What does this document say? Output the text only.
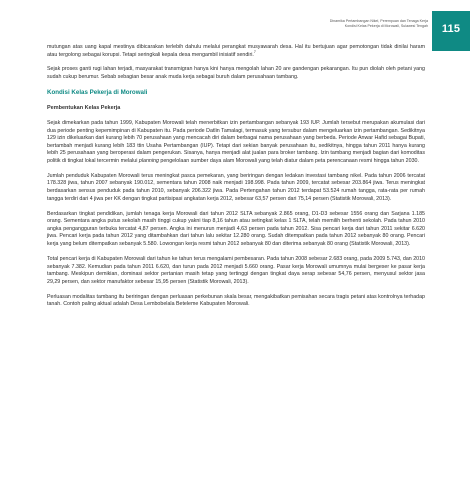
Dinamika Pertambangan Nikel, Perempuan dan Tenaga Kerja
Kondisi Kelas Pekerja di Morowali, Sulawesi Tengah 115

mutungan atas uang kapal mestinya dibicarakan terlebih dahulu melalui perangkat musyawarah desa. Hal itu bertujuan agar pemotongan tidak dinilai haram atau tergolong sebagai korupsi. Tetapi seringkali kepala desa mengambil inisiatif sendiri.$^7$

Sejak proses ganti rugi lahan terjadi, masyarakat transmigran hanya kini hanya mengolah lahan 20 are gandengan pekarangan. Itu pun diolah oleh petani yang sudah cukup berumur. Sebab sebagian besar anak muda kerja sebagai buruh dalam perusahaan tambang.

Kondisi Kelas Pekerja di Morowali
Pembentukan Kelas Pekerja

Sejak dimekarkan pada tahun 1999, Kabupaten Morowali telah menerbitkan izin pertambangan sebanyak 193 IUP. Jumlah tersebut merupakan akumulasi dari dua periode penting kepemimpinan di Kabupaten itu. Pada periode Datlin Tamalagi, termasuk yang tersubur dalam mengeluarkan izin pertambangan. Sedikitnya 129 izin dikeluarkan dari kurang lebih 70 perusahaan yang mencacah diri dalam berbagai nama perusahaan yang berbeda. Periode Anwar Hafid sebagai Bupati, bertambah menjadi kurang lebih 183 ttin Usaha Pertambangan (IUP). Tetapi dari sekian banyak perusahaan itu, sedikitnya, hingga tahun 2011 hanya kurang lebih 25 perusahaan yang beroperasi dalam pengerukan. Sisanya, hanya menjadi alat jualan para broker tambang. Izin tambang menjadi bagian dari komoditas politik di tingkat lokal tercermin melalui planning pengelolaan sumber daya alam Morowali yang telah diatur dalam peta perencanaan resmi hingga tahun 2030.

Jumlah penduduk Kabupaten Morowali terus meningkat pasca pemekaran, yang beriringan dengan ledakan investasi tambang nikel. Pada tahun 2006 tercatat 178.328 jiwa, tahun 2007 sebanyak 190.012, sementara tahun 2008 naik menjadi 198.998. Pada tahun 2009, tercatat sebesar 203.864 jiwa. Terus meningkat berdasarkan sensus penduduk pada tahun 2010, sebanyak 206.322 jiwa. Pada Pertengahan tahun 2012 terdapat 53.524 rumah tangga, rata-rata per rumah tangga terdiri dari 4 jiwa per KK dengan tingkat partisipasi angkatan kerja 2012, sebesar 63,57 persen dari 75,14 persen (Statistik Morowali, 2013).

Berdasarkan tingkat pendidikan, jumlah tenaga kerja Morowali dari tahun 2012 SLTA sebanyak 2.865 orang, D1-D3 sebesar 1556 orang dan Sarjana 1.185 orang. Sementara angka putus sekolah masih tinggi cukup yakni tiap 8,16 tahun atau setingkat kelas 1 SLTA, telah memilih berhenti sekolah. Pada tahun 2010 angka pengangguran terbuka tercatat 4,87 persen. Angka ini menurun menjadi 4,63 persen pada tahun 2012. Sisa pencari kerja dari tahun 2011 sekitar 6.620 jiwa. Pencari kerja pada tahun 2012 yang ditambahkan dari tahun lalu sekitar 12.280 orang. Sudah ditempatkan pada tahun 2012 sebanyak 80 orang. Pencari kerja yang belum ditempatkan sebanyak 5.580. Lowongan kerja resmi tahun 2012 sebanyak 80 dan diterima sebanyak 80 orang (Statistik Morowali, 2013).

Total pencari kerja di Kabupaten Morowali dari tahun ke tahun terus mengalami pembesaran. Pada tahun 2008 sebesar 2.683 orang, pada 2009 5.743, dan 2010 sebanyak 7.382. Kemudian pada tahun 2011 6.620, dan turun pada 2012 menjadi 5.660 orang. Pasar kerja Morowali umumnya mulai bergeser ke pasar kerja tambang. Meskipun demikian, dominasi sektor pertanian masih tetap yang tertinggi dengan tingkat daya serap sebesar 54,76 persen, menyusul sektor jasa 29,29 persen, dan sektor manufaktor sebesar 15,95 persen (Statistik Morowali, 2013).

Perluasan modalitas tambang itu beriringan dengan perluasan perkebunan skala besar, mengakibatkan pemisahan secara tragis petani atas kontrolnya terhadap tanah. Contoh paling aktual adalah Desa Lembobelala Betelemе Kabupaten Morowali.
